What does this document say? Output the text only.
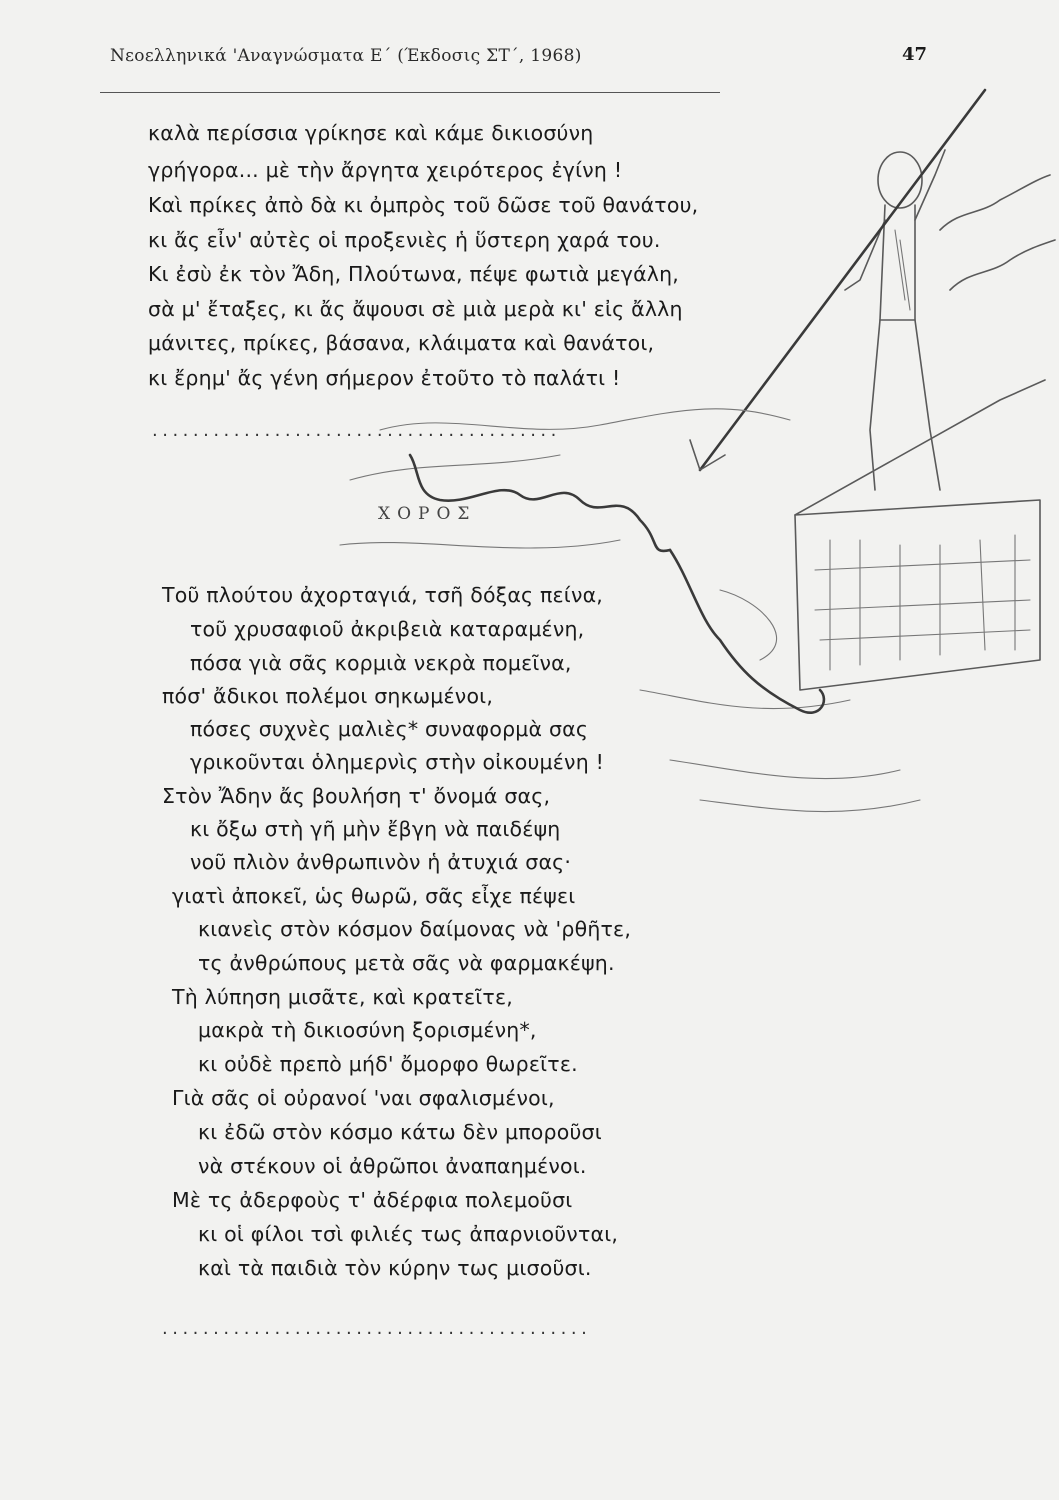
Νεοελληνικά 'Αναγνώσματα Ε΄ (Έκδοσις ΣΤ΄, 1968)	47
καλὰ περίσσια γρίκησε καὶ κάμε δικιοσύνη
γρήγορα... μὲ τὴν ἄργητα χειρότερος ἐγίνη !
Καὶ πρίκες ἀπὸ δὰ κι ὀμπρὸς τοῦ δῶσε τοῦ θανάτου,
κι ἄς εἶν' αὐτὲς οἱ προξενιὲς ἡ ὕστερη χαρά του.
Κι ἐσὺ ἐκ τὸν Ἄδη, Πλούτωνα, πέψε φωτιὰ μεγάλη,
σὰ μ' ἔταξες, κι ἄς ἄψουσι σὲ μιὰ μερὰ κι' εἰς ἄλλη
μάνιτες, πρίκες, βάσανα, κλάιματα καὶ θανάτοι,
κι ἔρημ' ἄς γένη σήμερον ἐτοῦτο τὸ παλάτι !
........................................
ΧΟΡΟΣ
Τοῦ πλούτου ἀχορταγιά, τσῆ δόξας πείνα,
τοῦ χρυσαφιοῦ ἀκριβειὰ καταραμένη,
πόσα γιὰ σᾶς κορμιὰ νεκρὰ πομεῖνα,
πόσ' ἄδικοι πολέμοι σηκωμένοι,
πόσες συχνὲς μαλιὲς* συναφορμὰ σας
γρικοῦνται ὁλημερνὶς στὴν οἰκουμένη !
Στὸν Ἄδην ἄς βουλήση τ' ὄνομά σας,
κι ὄξω στὴ γῆ μὴν ἔβγη νὰ παιδέψη
νοῦ πλιὸν ἀνθρωπινὸν ἡ ἀτυχιά σας·
γιατὶ ἀποκεῖ, ὡς θωρῶ, σᾶς εἶχε πέψει
κιανεὶς στὸν κόσμον δαίμονας νὰ 'ρθῆτε,
τς ἀνθρώπους μετὰ σᾶς νὰ φαρμακέψη.
Τὴ λύπηση μισᾶτε, καὶ κρατεῖτε,
μακρὰ τὴ δικιοσύνη ξορισμένη*,
κι οὐδὲ πρεπὸ μήδ' ὄμορφο θωρεῖτε.
Γιὰ σᾶς οἱ οὐρανοί 'ναι σφαλισμένοι,
κι ἐδῶ στὸν κόσμο κάτω δὲν μποροῦσι
νὰ στέκουν οἱ ἀθρῶποι ἀναπαημένοι.
Μὲ τς ἀδερφοὺς τ' ἀδέρφια πολεμοῦσι
κι οἱ φίλοι τσὶ φιλιές τως ἀπαρνιοῦνται,
καὶ τὰ παιδιὰ τὸν κύρην τως μισοῦσι.
..........................................
